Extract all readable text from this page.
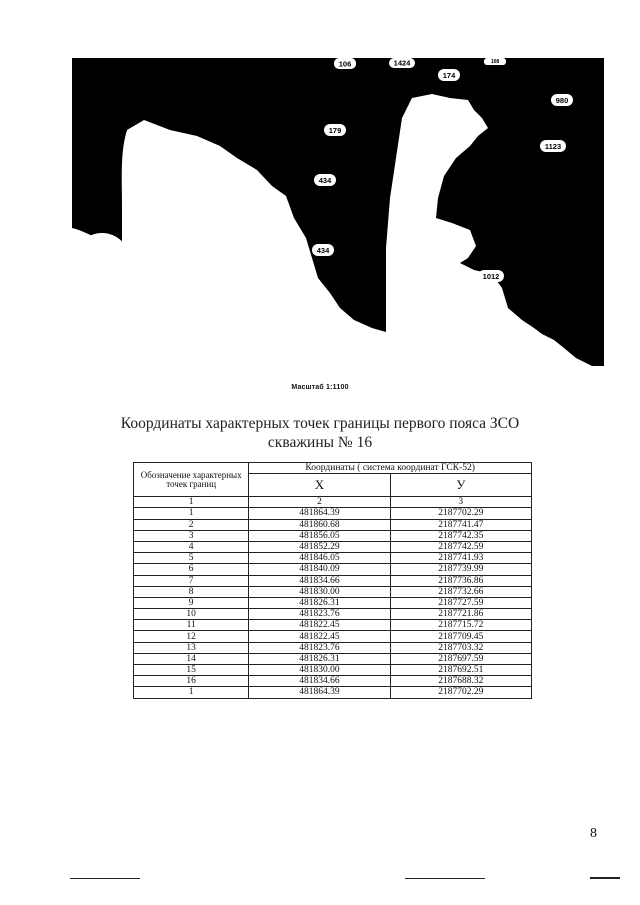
106	1424	108
174
980
179
1159
1123
434
1158
434
1012
Масштаб 1:1100
Координаты характерных точек границы первого пояса ЗСО
скважины № 16
Обозначение характерных точек границ	Координаты ( система координат ГСК-52)	
	Х	У
1	2	3
1	481864.39	2187702.29
2	481860.68	2187741.47
3	481856.05	2187742.35
4	481852.29	2187742.59
5	481846.05	2187741.93
6	481840.09	2187739.99
7	481834.66	2187736.86
8	481830.00	2187732.66
9	481826.31	2187727.59
10	481823.76	2187721.86
11	481822.45	2187715.72
12	481822.45	2187709.45
13	481823.76	2187703.32
14	481826.31	2187697.59
15	481830.00	2187692.51
16	481834.66	2187688.32
1	481864.39	2187702.29
8
